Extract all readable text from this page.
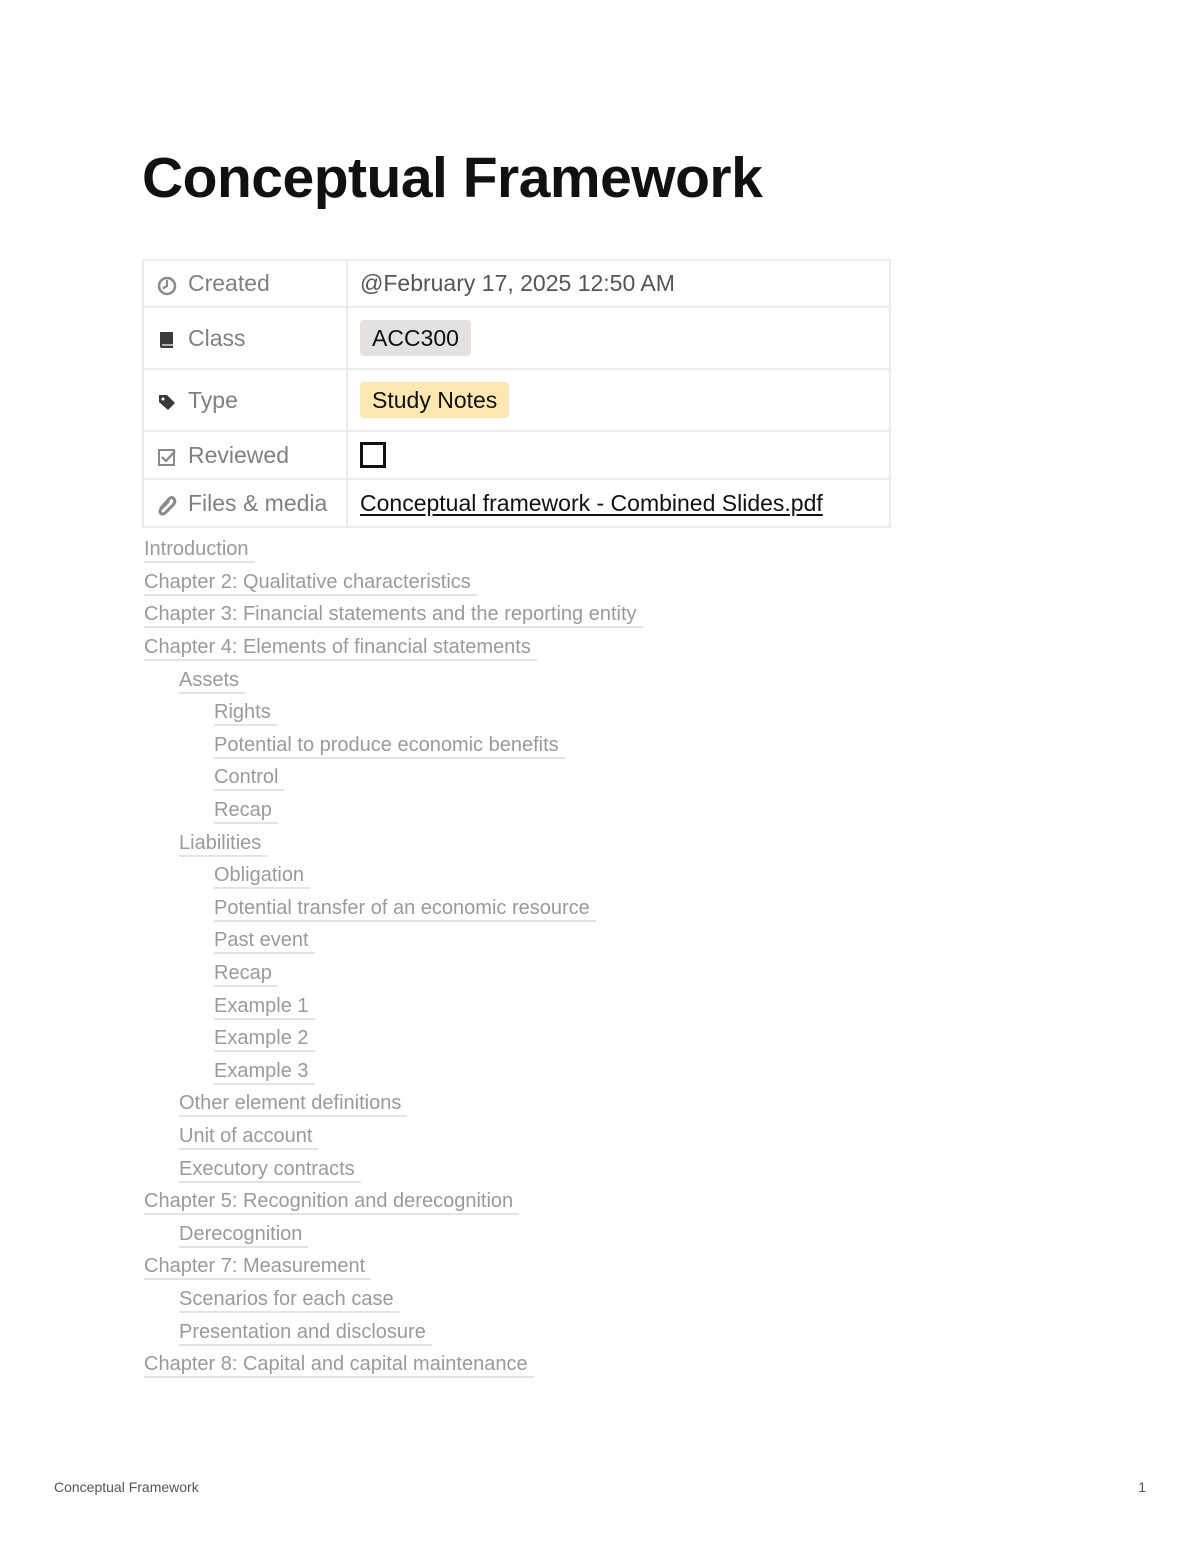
Conceptual Framework
Created	@February 17, 2025 12:50 AM

Class	ACC300

Type	Study Notes

Reviewed	

Files & media	Conceptual framework - Combined Slides.pdf
Introduction
Chapter 2: Qualitative characteristics
Chapter 3: Financial statements and the reporting entity
Chapter 4: Elements of financial statements
Assets
Rights
Potential to produce economic benefits
Control
Recap
Liabilities
Obligation
Potential transfer of an economic resource
Past event
Recap
Example 1
Example 2
Example 3
Other element definitions
Unit of account
Executory contracts
Chapter 5: Recognition and derecognition
Derecognition
Chapter 7: Measurement
Scenarios for each case
Presentation and disclosure
Chapter 8: Capital and capital maintenance
Conceptual Framework	1
